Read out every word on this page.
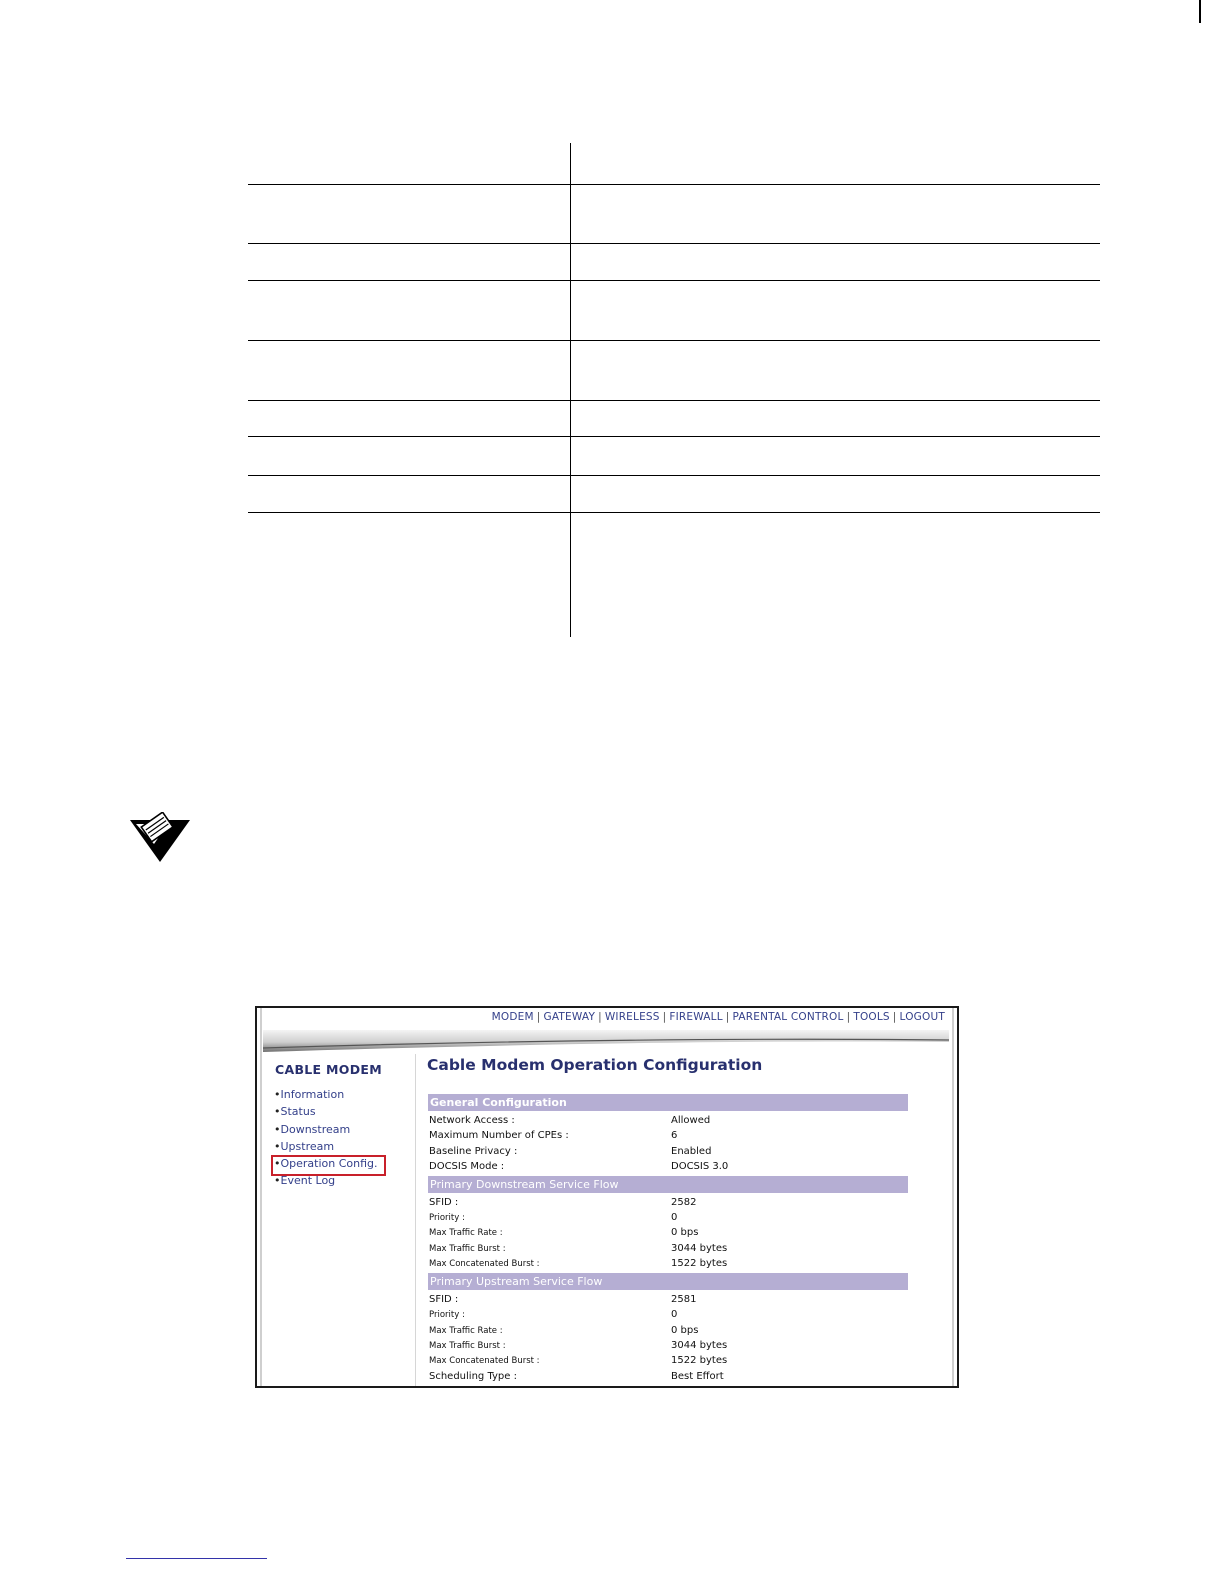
MODEM | GATEWAY | WIRELESS | FIREWALL | PARENTAL CONTROL | TOOLS | LOGOUT
CABLE MODEM
•Information
•Status
•Downstream
•Upstream
•Operation Config.
•Event Log
Cable Modem Operation Configuration
General Configuration
Network Access :	Allowed
Maximum Number of CPEs :	6
Baseline Privacy :	Enabled
DOCSIS Mode :	DOCSIS 3.0
Primary Downstream Service Flow
SFID :	2582
Priority :	0
Max Traffic Rate :	0 bps
Max Traffic Burst :	3044 bytes
Max Concatenated Burst :	1522 bytes
Primary Upstream Service Flow
SFID :	2581
Priority :	0
Max Traffic Rate :	0 bps
Max Traffic Burst :	3044 bytes
Max Concatenated Burst :	1522 bytes
Scheduling Type :	Best Effort
